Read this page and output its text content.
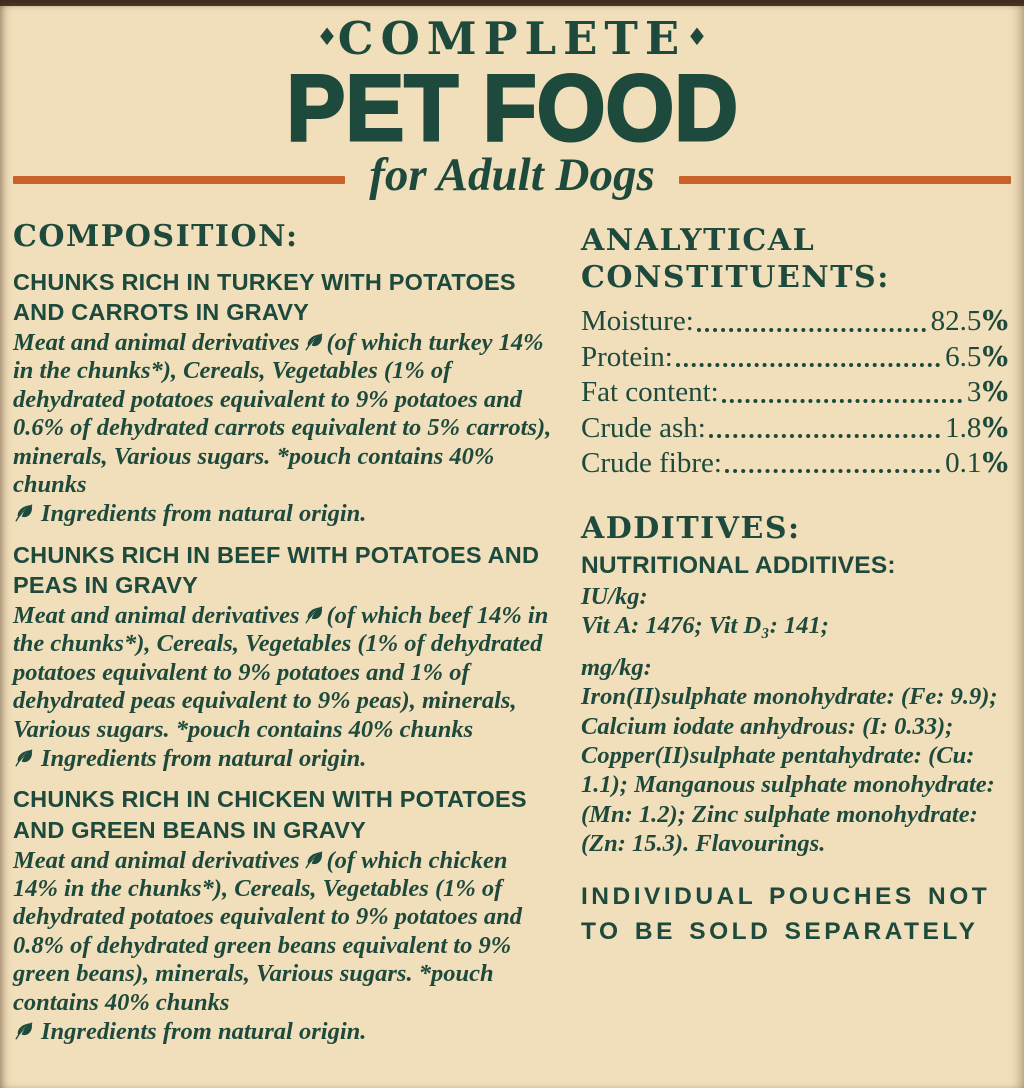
♦COMPLETE♦
PET FOOD
for Adult Dogs
COMPOSITION:
CHUNKS RICH IN TURKEY WITH POTATOES AND CARROTS IN GRAVY

Meat and animal derivatives (of which turkey 14% in the chunks*), Cereals, Vegetables (1% of dehydrated potatoes equivalent to 9% potatoes and 0.6% of dehydrated carrots equivalent to 5% carrots), minerals, Various sugars. *pouch contains 40% chunks

Ingredients from natural origin.

CHUNKS RICH IN BEEF WITH POTATOES AND PEAS IN GRAVY

Meat and animal derivatives (of which beef 14% in the chunks*), Cereals, Vegetables (1% of dehydrated potatoes equivalent to 9% potatoes and 1% of dehydrated peas equivalent to 9% peas), minerals, Various sugars. *pouch contains 40% chunks

Ingredients from natural origin.

CHUNKS RICH IN CHICKEN WITH POTATOES AND GREEN BEANS IN GRAVY

Meat and animal derivatives (of which chicken 14% in the chunks*), Cereals, Vegetables (1% of dehydrated potatoes equivalent to 9% potatoes and 0.8% of dehydrated green beans equivalent to 9% green beans), minerals, Various sugars. *pouch contains 40% chunks

Ingredients from natural origin.

ANALYTICAL CONSTITUENTS:
Moisture:	82.5 %
Protein:	6.5 %
Fat content:	3 %
Crude ash:	1.8 %
Crude fibre:	0.1 %
ADDITIVES:
NUTRITIONAL ADDITIVES:

IU/kg:
Vit A: 1476; Vit D₃: 141;

mg/kg:
Iron(II)sulphate monohydrate: (Fe: 9.9); Calcium iodate anhydrous: (I: 0.33); Copper(II)sulphate pentahydrate: (Cu: 1.1); Manganous sulphate monohydrate: (Mn: 1.2); Zinc sulphate monohydrate: (Zn: 15.3). Flavourings.

INDIVIDUAL POUCHES NOT TO BE SOLD SEPARATELY
